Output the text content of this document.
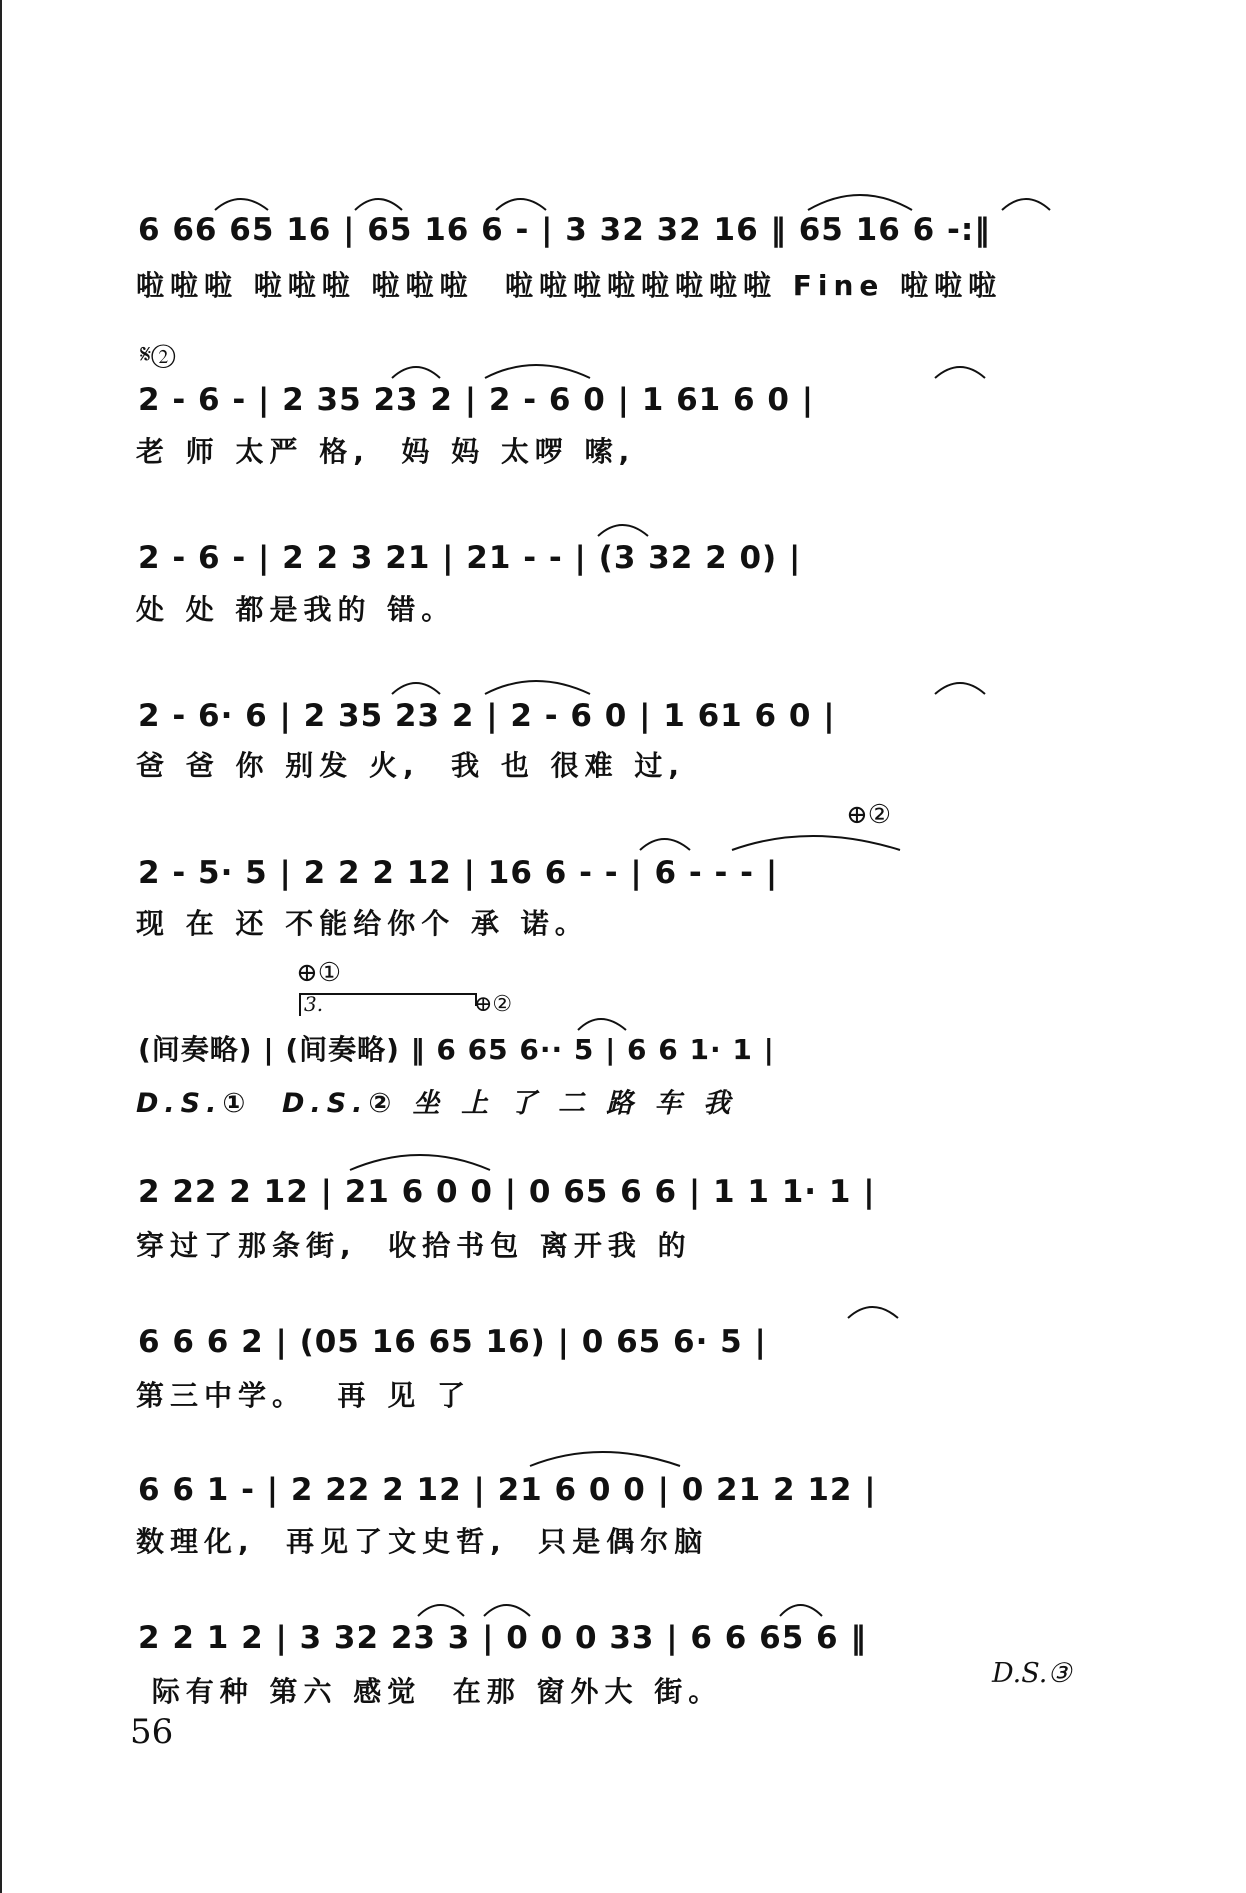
6 66 65 16 | 65 16 6 - | 3 32 32 16 ‖ 65 16 6 -:‖
啦啦啦 啦啦啦 啦啦啦  啦啦啦啦啦啦啦啦 Fine 啦啦啦
𝄋②
2 - 6 - | 2 35 23 2 | 2 - 6 0 | 1 61 6 0 |
老 师 太严 格,  妈 妈 太啰 嗦,
2 - 6 - | 2 2 3 21 | 21 - - | (3 32 2 0) |
处 处 都是我的 错。
2 - 6· 6 | 2 35 23 2 | 2 - 6 0 | 1 61 6 0 |
爸 爸 你 别发 火,  我 也 很难 过,
⊕②
2 - 5· 5 | 2 2 2 12 | 16 6 - - | 6 - - - |
现 在 还 不能给你个 承 诺。
⊕①
3.	⊕②
(间奏略) | (间奏略) ‖ 6 65 6·· 5 | 6 6 1· 1 |
D.S.①  D.S.② 坐 上 了 二 路 车 我
2 22 2 12 | 21 6 0 0 | 0 65 6 6 | 1 1 1· 1 |
穿过了那条街,  收拾书包 离开我 的
6 6 6 2 | (05 16 65 16) | 0 65 6· 5 |
第三中学。  再 见 了
6 6 1 - | 2 22 2 12 | 21 6 0 0 | 0 21 2 12 |
数理化,  再见了文史哲,  只是偶尔脑
2 2 1 2 | 3 32 23 3 | 0 0 0 33 | 6 6 65 6 ‖
际有种 第六 感觉  在那 窗外大 街。
D.S.③
56
